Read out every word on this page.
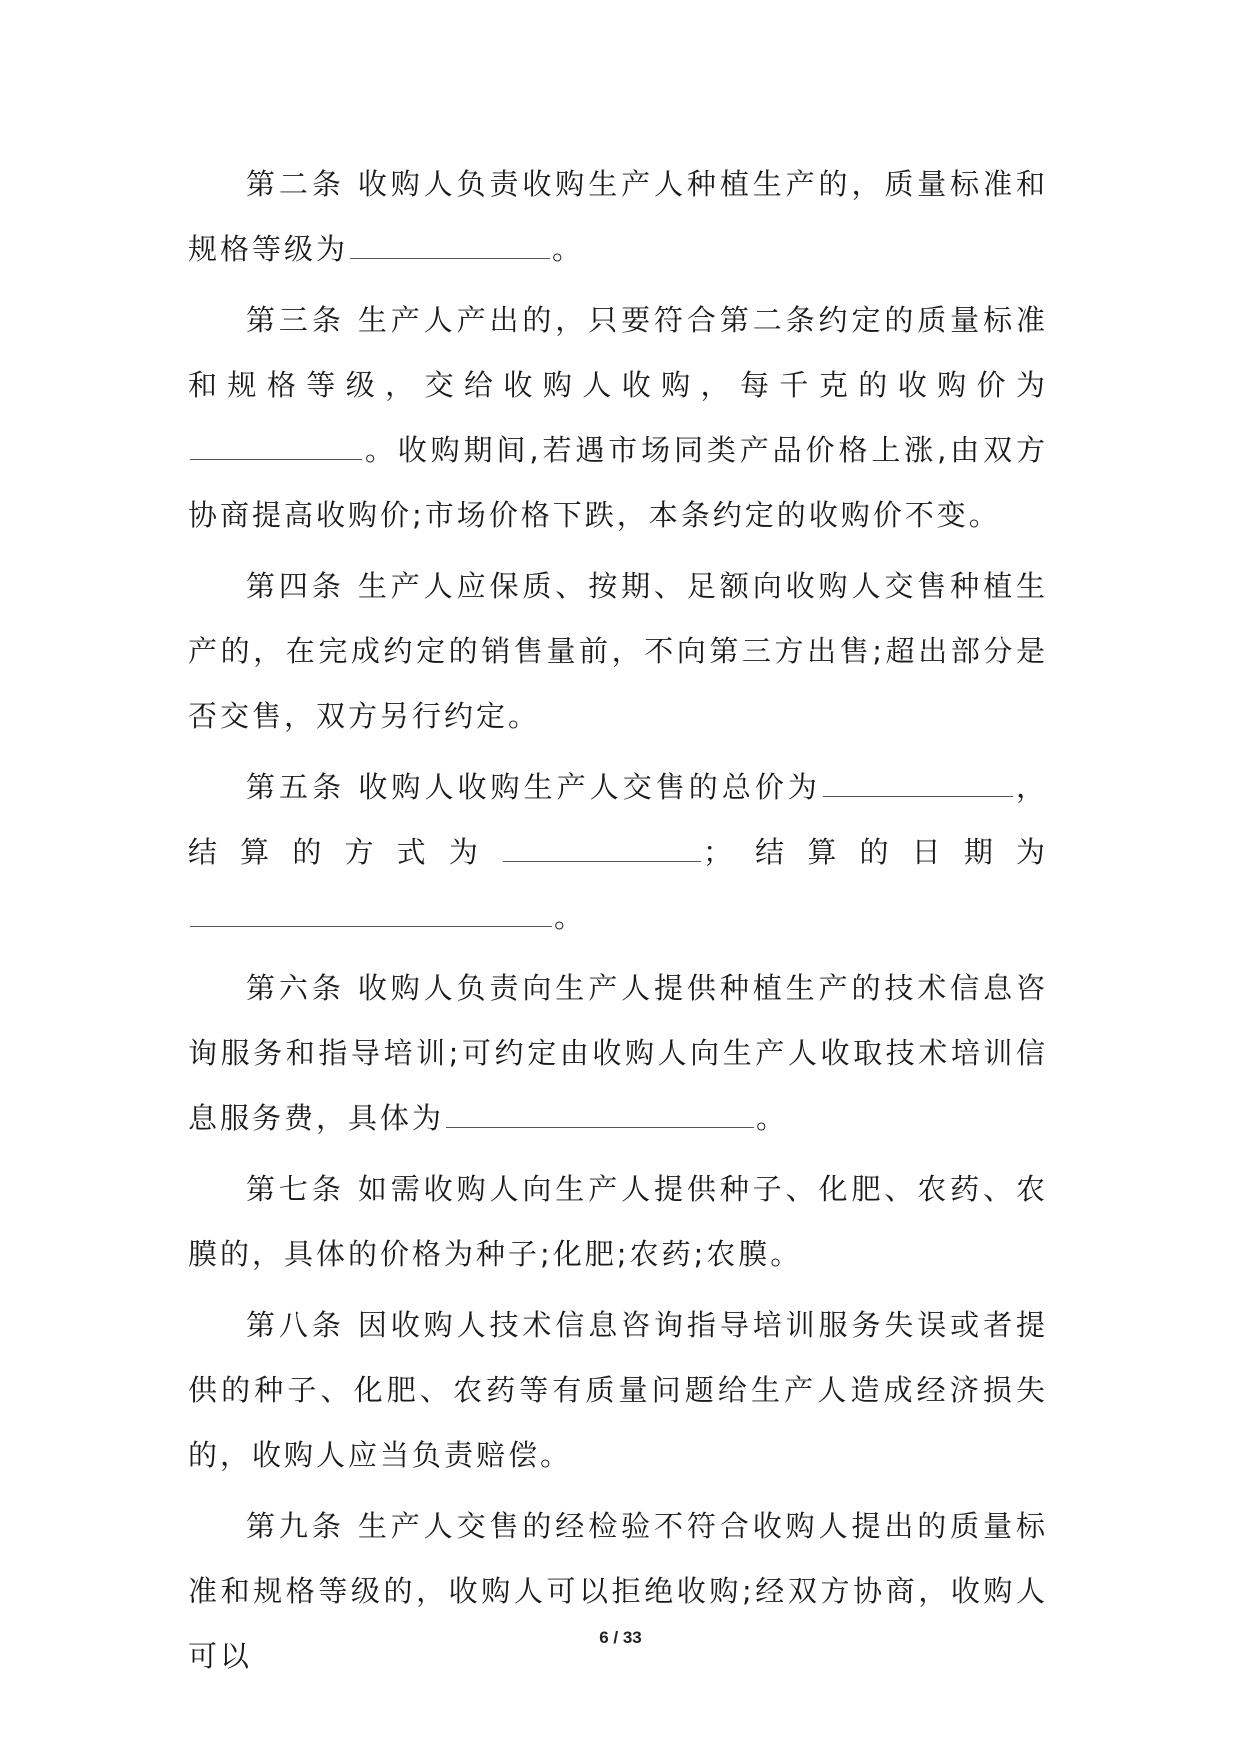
第二条 收购人负责收购生产人种植生产的，质量标准和规格等级为	。

第三条 生产人产出的，只要符合第二条约定的质量标准和规格等级，交给收购人收购，每千克的收购价为。收购期间,若遇市场同类产品价格上涨,由双方协商提高收购价;市场价格下跌，本条约定的收购价不变。

第四条 生产人应保质、按期、足额向收购人交售种植生产的，在完成约定的销售量前，不向第三方出售;超出部分是否交售，双方另行约定。

第五条 收购人收购生产人交售的总价为	，结算的方式为	；结算的日期为。

第六条 收购人负责向生产人提供种植生产的技术信息咨询服务和指导培训;可约定由收购人向生产人收取技术培训信息服务费，具体为	。

第七条 如需收购人向生产人提供种子、化肥、农药、农膜的，具体的价格为种子;化肥;农药;农膜。

第八条 因收购人技术信息咨询指导培训服务失误或者提供的种子、化肥、农药等有质量问题给生产人造成经济损失的，收购人应当负责赔偿。

第九条 生产人交售的经检验不符合收购人提出的质量标准和规格等级的，收购人可以拒绝收购;经双方协商，收购人可以

6 / 33
